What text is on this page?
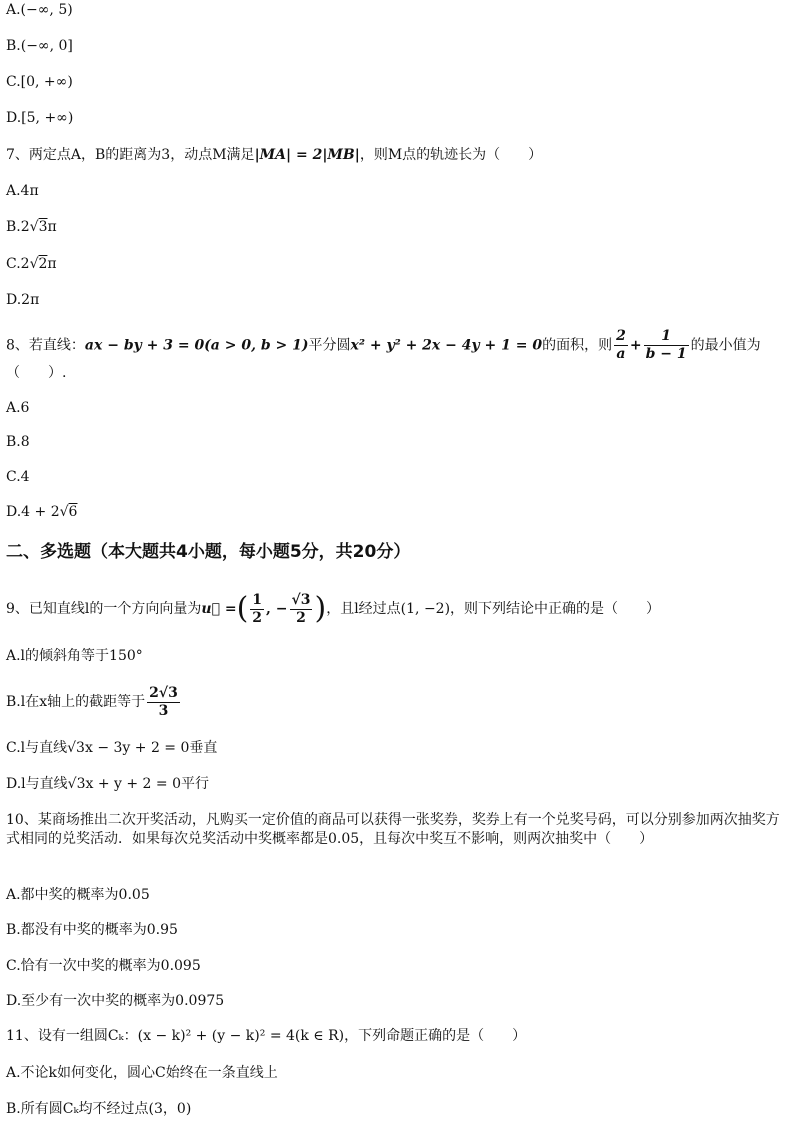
A.(−∞, 5)
B.(−∞, 0]
C.[0, +∞)
D.[5, +∞)
7、两定点A，B的距离为3，动点M满足|MA| = 2|MB|，则M点的轨迹长为（　　）
A.4π
B.2√3π
C.2√2π
D.2π
8、若直线：ax − by + 3 = 0(a > 0, b > 1)平分圆x² + y² + 2x − 4y + 1 = 0的面积，则 $\frac{2}{a} + \frac{1}{b - 1}$ 的最小值为
（　　）.
A.6
B.8
C.4
D.4 + 2√6
二、多选题（本大题共4小题，每小题5分，共20分）
9、已知直线l的一个方向向量为u⃗ =( $\frac{1}{2}$ , − $\frac{√3}{2}$ )，且l经过点(1, −2)，则下列结论中正确的是（　　）
A.l的倾斜角等于150°
B.l在x轴上的截距等于 $\frac{2√3}{3}$
C.l与直线√3x − 3y + 2 = 0垂直
D.l与直线√3x + y + 2 = 0平行
10、某商场推出二次开奖活动，凡购买一定价值的商品可以获得一张奖券，奖券上有一个兑奖号码，可以分别参加两次抽奖方式相同的兑奖活动．如果每次兑奖活动中奖概率都是0.05，且每次中奖互不影响，则两次抽奖中（　　）
A.都中奖的概率为0.05
B.都没有中奖的概率为0.95
C.恰有一次中奖的概率为0.095
D.至少有一次中奖的概率为0.0975
11、设有一组圆Cₖ：(x − k)² + (y − k)² = 4(k ∈ R)，下列命题正确的是（　　）
A.不论k如何变化，圆心C始终在一条直线上
B.所有圆Cₖ均不经过点(3，0)
